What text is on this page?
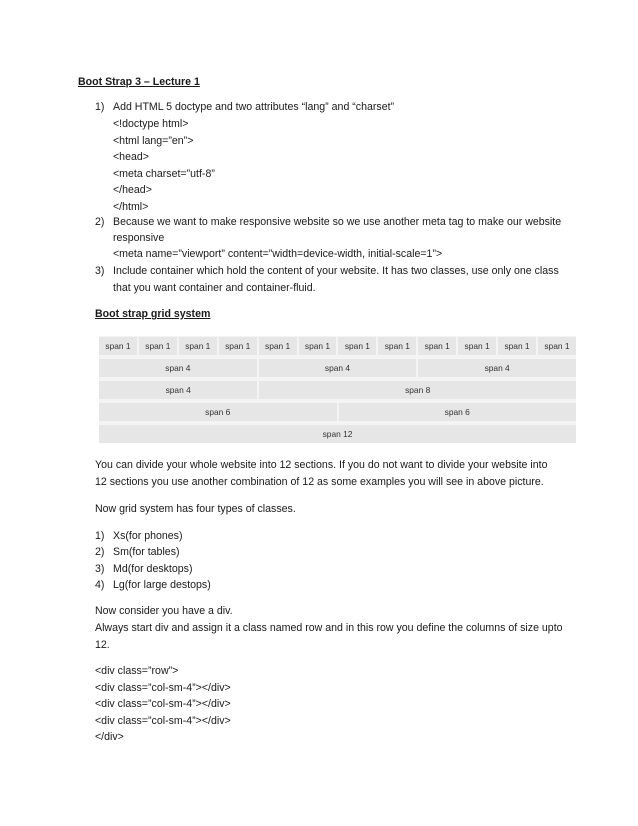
Boot Strap 3 – Lecture 1
1) Add HTML 5 doctype and two attributes “lang” and “charset”
<!doctype html>
<html lang=”en”>
<head>
<meta charset=”utf-8”
</head>
</html>
2) Because we want to make responsive website so we use another meta tag to make our website
responsive
<meta name=”viewport” content=”width=device-width, initial-scale=1”>
3) Include container which hold the content of your website. It has two classes, use only one class
that you want container and container-fluid.
Boot strap grid system
span 1	span 1	span 1	span 1	span 1	span 1	span 1	span 1	span 1	span 1	span 1	span 1
span 4	span 4	span 4
span 4	span 8
span 6	span 6
span 12
You can divide your whole website into 12 sections. If you do not want to divide your website into
12 sections you use another combination of 12 as some examples you will see in above picture.
Now grid system has four types of classes.
1) Xs(for phones)
2) Sm(for tables)
3) Md(for desktops)
4) Lg(for large destops)
Now consider you have a div.
Always start div and assign it a class named row and in this row you define the columns of size upto
12.
<div class=”row”>
<div class=”col-sm-4”></div>
<div class=”col-sm-4”></div>
<div class=”col-sm-4”></div>
</div>
